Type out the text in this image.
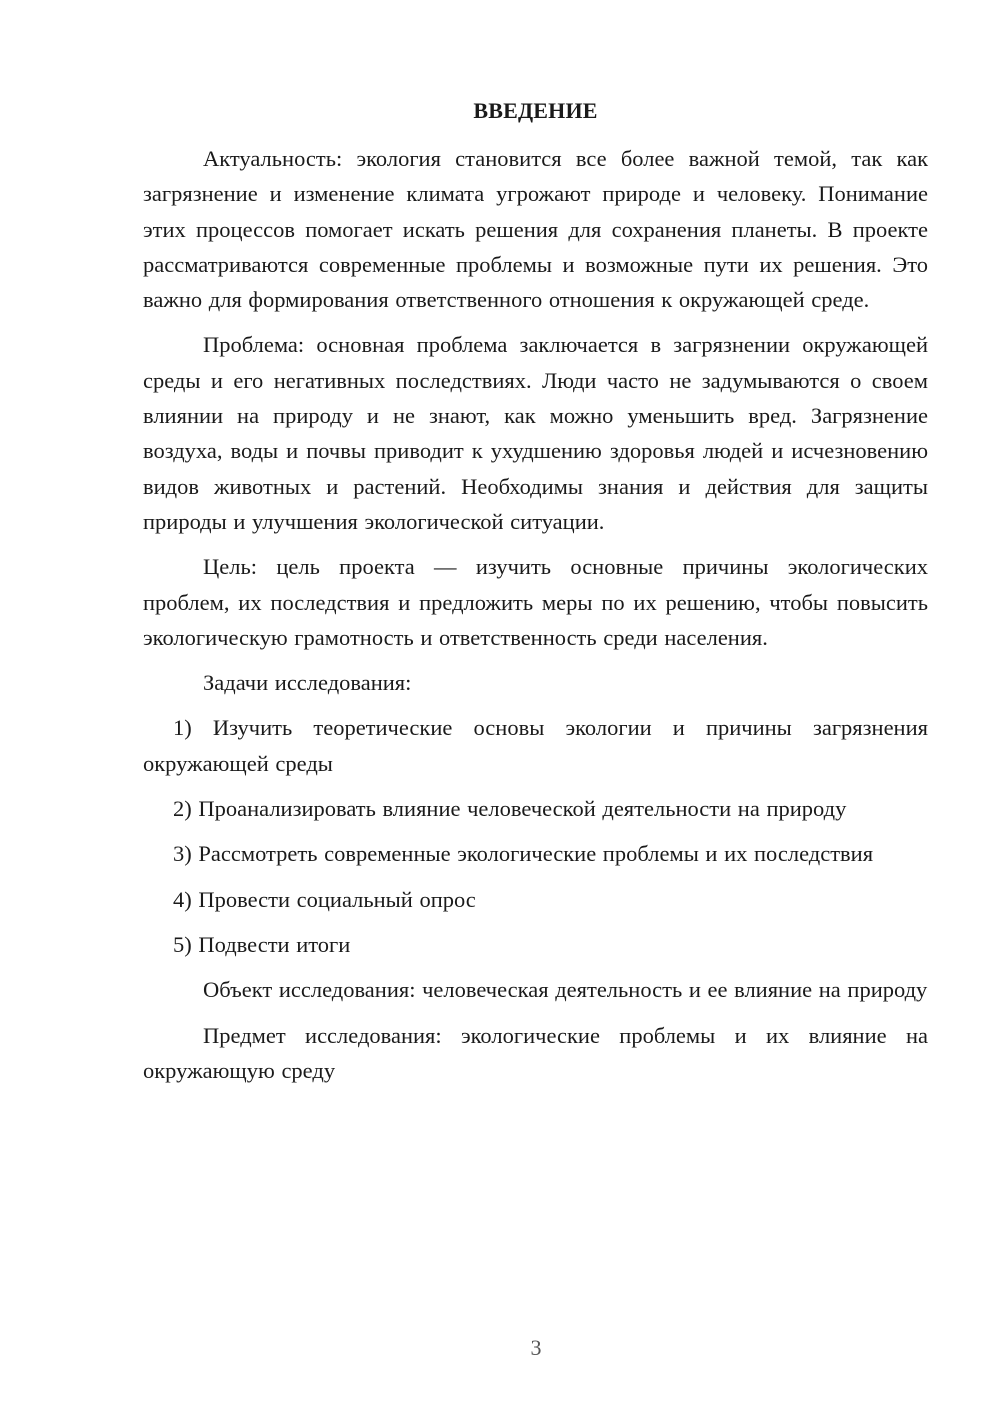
ВВЕДЕНИЕ

Актуальность: экология становится все более важной темой, так как загрязнение и изменение климата угрожают природе и человеку. Понимание этих процессов помогает искать решения для сохранения планеты. В проекте рассматриваются современные проблемы и возможные пути их решения. Это важно для формирования ответственного отношения к окружающей среде.

Проблема: основная проблема заключается в загрязнении окружающей среды и его негативных последствиях. Люди часто не задумываются о своем влиянии на природу и не знают, как можно уменьшить вред. Загрязнение воздуха, воды и почвы приводит к ухудшению здоровья людей и исчезновению видов животных и растений. Необходимы знания и действия для защиты природы и улучшения экологической ситуации.

Цель: цель проекта — изучить основные причины экологических проблем, их последствия и предложить меры по их решению, чтобы повысить экологическую грамотность и ответственность среди населения.

Задачи исследования:

1) Изучить теоретические основы экологии и причины загрязнения окружающей среды

2) Проанализировать влияние человеческой деятельности на природу

3) Рассмотреть современные экологические проблемы и их последствия

4) Провести социальный опрос

5) Подвести итоги

Объект исследования: человеческая деятельность и ее влияние на природу

Предмет исследования: экологические проблемы и их влияние на окружающую среду

3
